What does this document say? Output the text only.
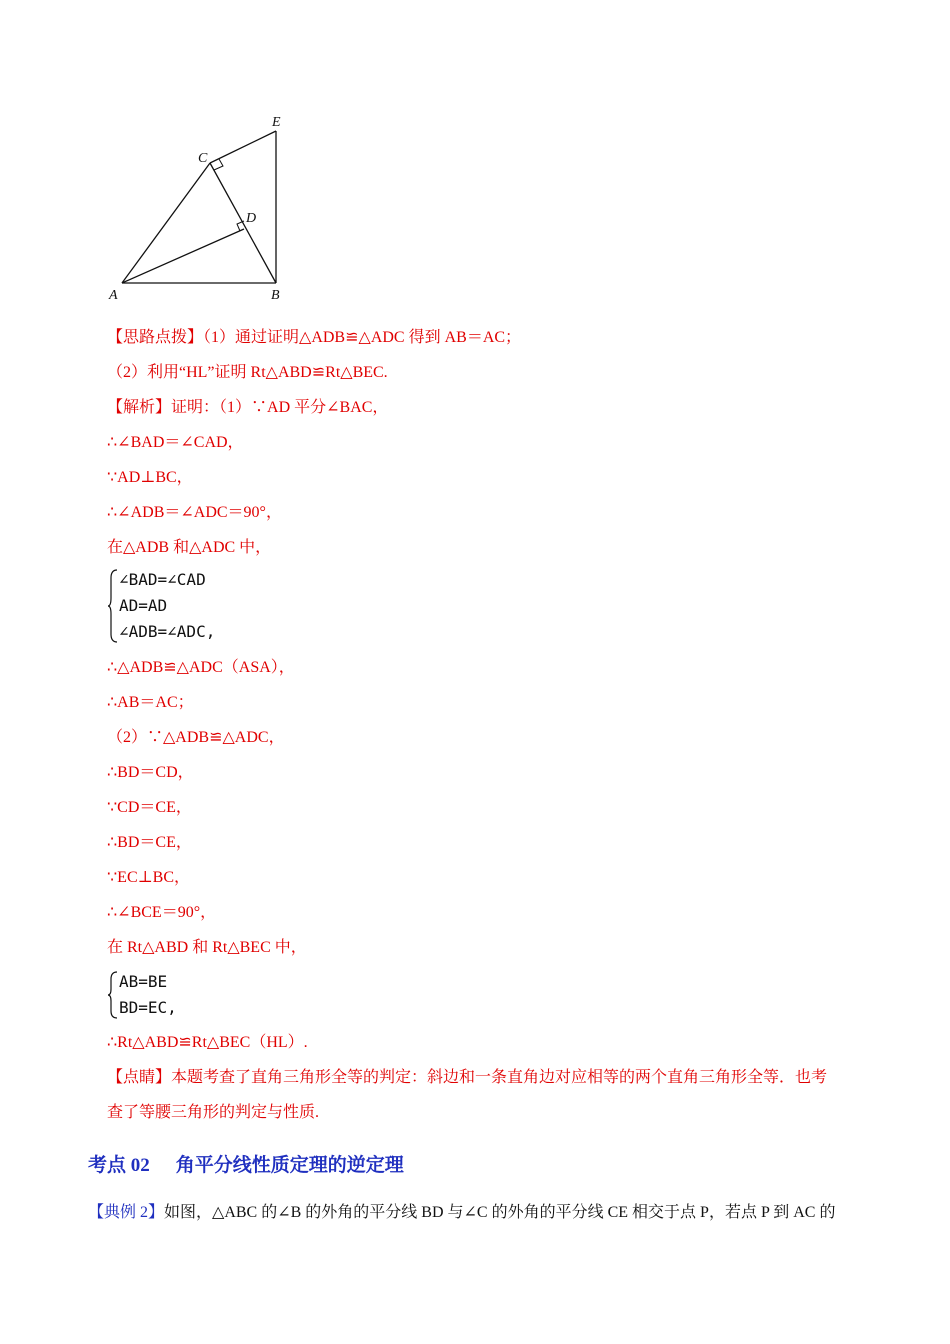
E
C
D
A	B
【思路点拨】（1）通过证明△ADB≌△ADC 得到 AB＝AC；
（2）利用“HL”证明 Rt△ABD≌Rt△BEC.
【解析】证明：（1）∵AD 平分∠BAC，
∴∠BAD＝∠CAD，
∵AD⊥BC，
∴∠ADB＝∠ADC＝90°，
在△ADB 和△ADC 中，
∠BAD=∠CAD
AD=AD
∠ADB=∠ADC,
∴△ADB≌△ADC（ASA），
∴AB＝AC；
（2）∵△ADB≌△ADC，
∴BD＝CD，
∵CD＝CE，
∴BD＝CE，
∵EC⊥BC，
∴∠BCE＝90°，
在 Rt△ABD 和 Rt△BEC 中，
AB=BE
BD=EC,
∴Rt△ABD≌Rt△BEC（HL）.
【点睛】本题考查了直角三角形全等的判定：斜边和一条直角边对应相等的两个直角三角形全等．也考
查了等腰三角形的判定与性质.
考点 02 角平分线性质定理的逆定理
【典例 2】如图，△ABC 的∠B 的外角的平分线 BD 与∠C 的外角的平分线 CE 相交于点 P，若点 P 到 AC 的
